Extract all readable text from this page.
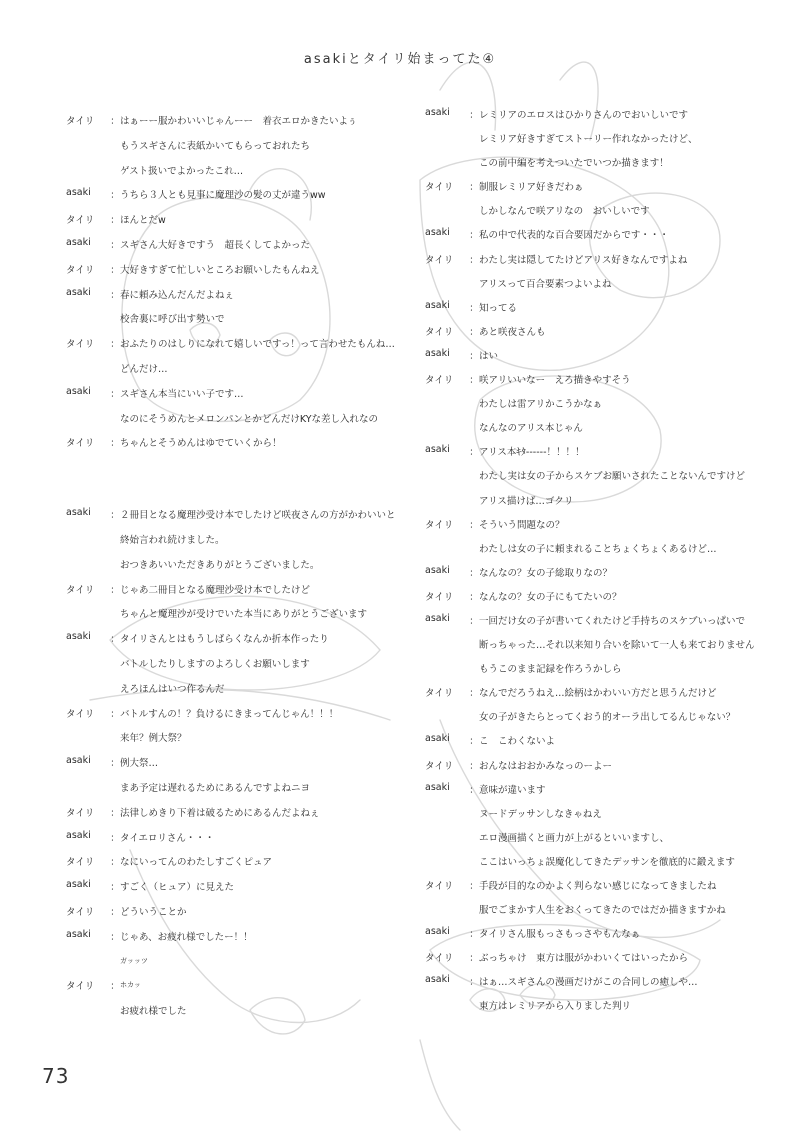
asakiとタイリ始まってた④
タイリ	： はぁーー服かわいいじゃんーー　着衣エロかきたいよぅ
もうスギさんに表紙かいてもらっておれたち
ゲスト扱いでよかったこれ…
asaki	： うちら３人とも見事に魔理沙の髪の丈が違うww
タイリ	： ほんとだw
asaki	： スギさん大好きですう　超長くしてよかった
タイリ	： 大好きすぎて忙しいところお願いしたもんねえ
asaki	： 春に頼み込んだんだよねぇ
校舎裏に呼び出す勢いで
タイリ	： おふたりのはしりになれて嬉しいですっ！って言わせたもんね…
どんだけ…
asaki	： スギさん本当にいい子です…
なのにそうめんとメロンパンとかどんだけKYな差し入れなの
タイリ	： ちゃんとそうめんはゆでていくから！
asaki	： ２冊目となる魔理沙受け本でしたけど咲夜さんの方がかわいいと
終始言われ続けました。
おつきあいいただきありがとうございました。
タイリ	： じゃあ二冊目となる魔理沙受け本でしたけど
ちゃんと魔理沙が受けでいた本当にありがとうございます
asaki	： タイリさんとはもうしばらくなんか折本作ったり
バトルしたりしますのよろしくお願いします
えろほんはいつ作るんだ
タイリ	： バトルすんの！？負けるにきまってんじゃん！！！
来年？例大祭？
asaki	： 例大祭…
まあ予定は遅れるためにあるんですよねニヨ
タイリ	： 法律しめきり下着は破るためにあるんだよねぇ
asaki	： タイエロリさん・・・
タイリ	： なにいってんのわたしすごくピュア
asaki	： すごく（ヒュア）に見えた
タイリ	： どういうことか
asaki	： じゃあ、お疲れ様でしたー！！
ガッッツ
タイリ	： ホカッ
お疲れ様でした
asaki	： レミリアのエロスはひかりさんのでおいしいです
レミリア好きすぎてストーリー作れなかったけど、
この前中編を考えついたでいつか描きます！
タイリ	： 制服レミリア好きだわぁ
しかしなんで咲アリなの　おいしいです
asaki	： 私の中で代表的な百合要因だからです・・・
タイリ	： わたし実は隠してたけどアリス好きなんですよね
アリスって百合要素つよいよね
asaki	： 知ってる
タイリ	： あと咲夜さんも
asaki	： はい
タイリ	： 咲アリいいなー　えろ描きやすそう
わたしは雷アリかこうかなぁ
なんなのアリス本じゃん
asaki	： アリス本ｷﾀ------！！！！
わたし実は女の子からスケブお願いされたことないんですけど
アリス描けば…ゴクリ
タイリ	： そういう問題なの？
わたしは女の子に頼まれることちょくちょくあるけど…
asaki	： なんなの？女の子総取りなの？
タイリ	： なんなの？女の子にもてたいの？
asaki	： 一回だけ女の子が書いてくれたけど手持ちのスケブいっぱいで
断っちゃった…それ以来知り合いを除いて一人も来ておりません
もうこのまま記録を作ろうかしら
タイリ	： なんでだろうねえ…絵柄はかわいい方だと思うんだけど
女の子がきたらとってくおう的オーラ出してるんじゃない？
asaki	： こ　こわくないよ
タイリ	： おんなはおおかみなっのーよー
asaki	： 意味が違います
ヌードデッサンしなきゃねえ
エロ漫画描くと画力が上がるといいますし、
ここはいっちょ誤魔化してきたデッサンを徹底的に鍛えます
タイリ	： 手段が目的なのかよく判らない感じになってきましたね
服でごまかす人生をおくってきたのではだか描きますかね
asaki	： タイリさん服もっさもっさやもんなぁ
タイリ	： ぶっちゃけ　東方は服がかわいくてはいったから
asaki	： はぁ…スギさんの漫画だけがこの合同しの癒しや…
東方はレミリアから入りました判リ
73
